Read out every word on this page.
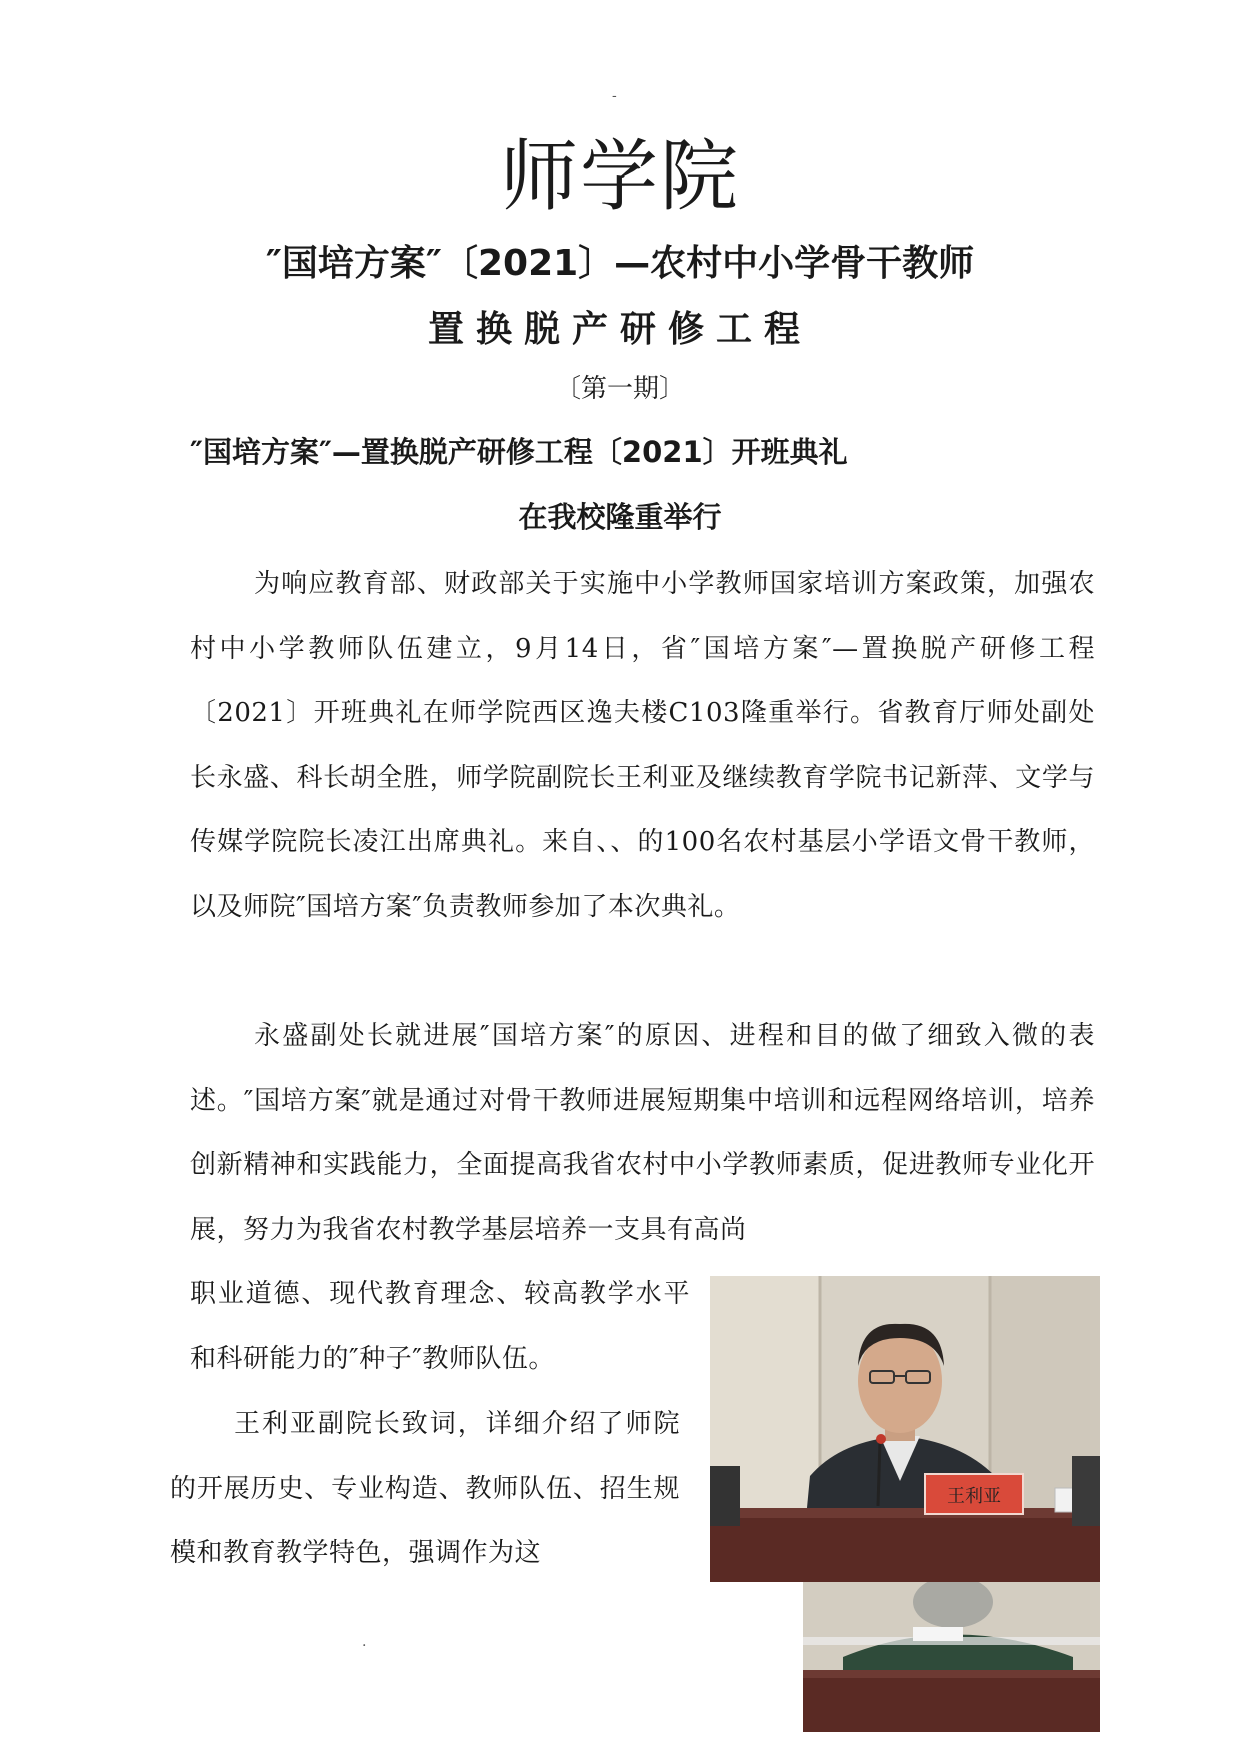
-
师学院
″国培方案″〔2021〕—农村中小学骨干教师
置换脱产研修工程
〔第一期〕
″国培方案″—置换脱产研修工程〔2021〕开班典礼
在我校隆重举行
为响应教育部、财政部关于实施中小学教师国家培训方案政策，加强农村中小学教师队伍建立，9月14日，省″国培方案″—置换脱产研修工程〔2021〕开班典礼在师学院西区逸夫楼C103隆重举行。省教育厅师处副处长永盛、科长胡全胜，师学院副院长王利亚及继续教育学院书记新萍、文学与传媒学院院长凌江出席典礼。来自、、的100名农村基层小学语文骨干教师，以及师院″国培方案″负责教师参加了本次典礼。
永盛副处长就进展″国培方案″的原因、进程和目的做了细致入微的表述。″国培方案″就是通过对骨干教师进展短期集中培训和远程网络培训，培养创新精神和实践能力，全面提高我省农村中小学教师素质，促进教师专业化开展，努力为我省农村教学基层培养一支具有高尚
职业道德、现代教育理念、较高教学水平和科研能力的″种子″教师队伍。
王利亚副院长致词，详细介绍了师院的开展历史、专业构造、教师队伍、招生规模和教育教学特色，强调作为这
王利亚
.
